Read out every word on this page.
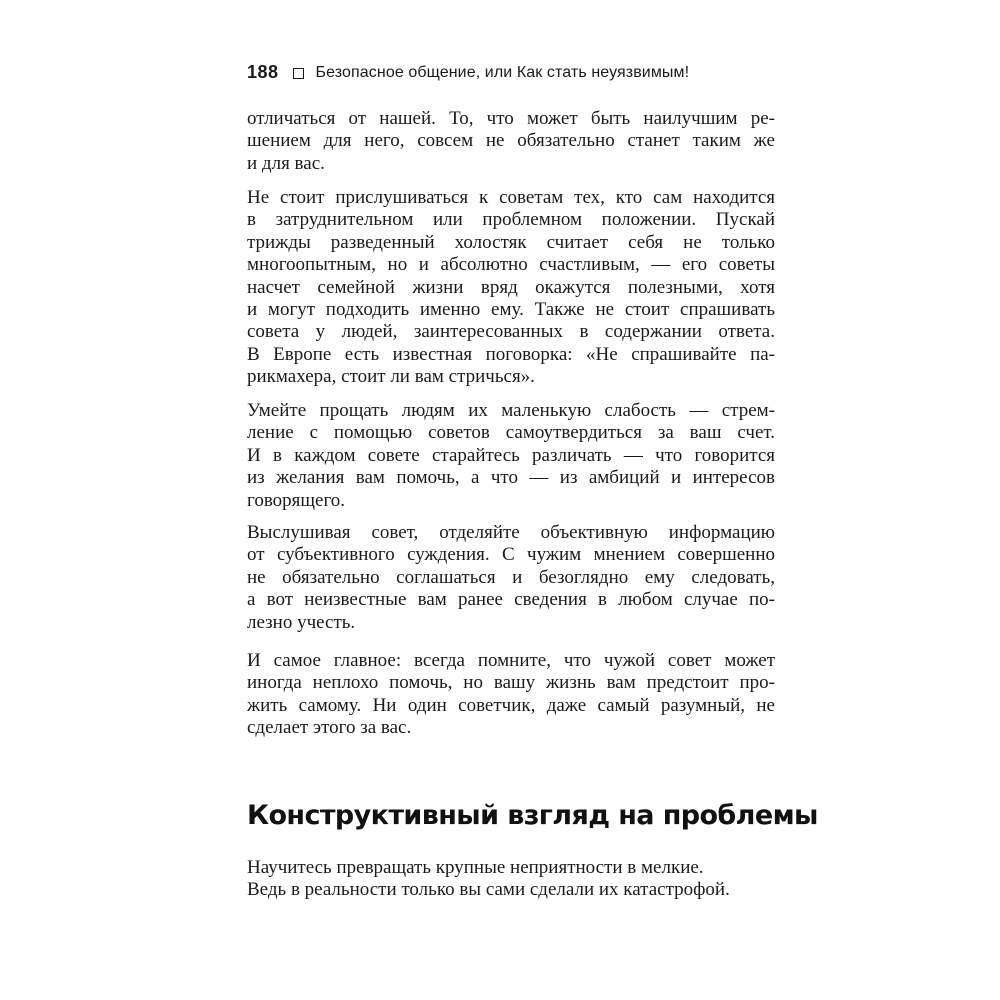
188 Безопасное общение, или Как стать неуязвимым!
отличаться от нашей. То, что может быть наилучшим ре-
шением для него, совсем не обязательно станет таким же
и для вас.
Не стоит прислушиваться к советам тех, кто сам находится
в затруднительном или проблемном положении. Пускай
трижды разведенный холостяк считает себя не только
многоопытным, но и абсолютно счастливым, — его советы
насчет семейной жизни вряд окажутся полезными, хотя
и могут подходить именно ему. Также не стоит спрашивать
совета у людей, заинтересованных в содержании ответа.
В Европе есть известная поговорка: «Не спрашивайте па-
рикмахера, стоит ли вам стричься».
Умейте прощать людям их маленькую слабость — стрем-
ление с помощью советов самоутвердиться за ваш счет.
И в каждом совете старайтесь различать — что говорится
из желания вам помочь, а что — из амбиций и интересов
говорящего.
Выслушивая совет, отделяйте объективную информацию
от субъективного суждения. С чужим мнением совершенно
не обязательно соглашаться и безоглядно ему следовать,
а вот неизвестные вам ранее сведения в любом случае по-
лезно учесть.
И самое главное: всегда помните, что чужой совет может
иногда неплохо помочь, но вашу жизнь вам предстоит про-
жить самому. Ни один советчик, даже самый разумный, не
сделает этого за вас.
Конструктивный взгляд на проблемы
Научитесь превращать крупные неприятности в мелкие.
Ведь в реальности только вы сами сделали их катастрофой.
